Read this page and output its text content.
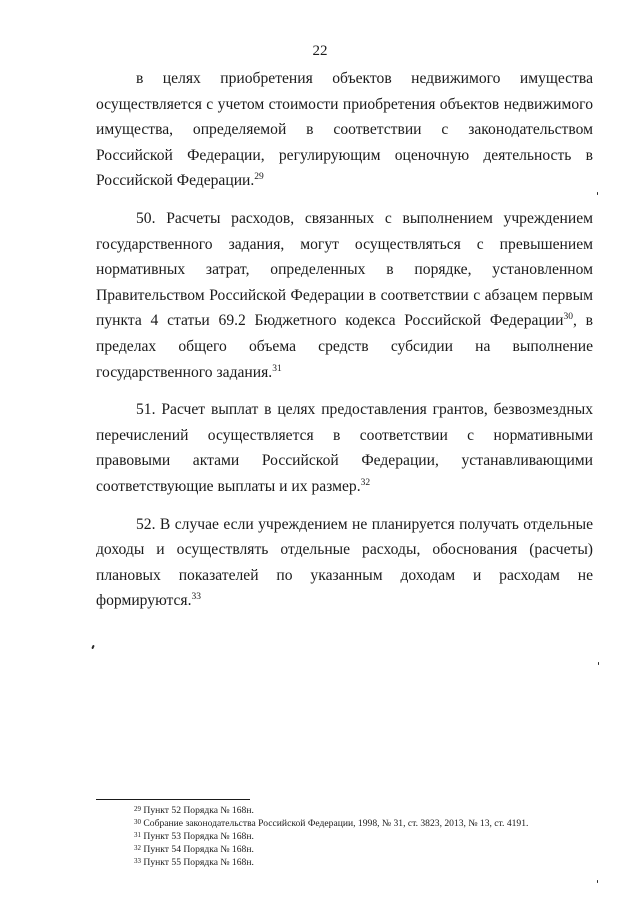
22

в целях приобретения объектов недвижимого имущества осуществляется с учетом стоимости приобретения объектов недвижимого имущества, определяемой в соответствии с законодательством Российской Федерации, регулирующим оценочную деятельность в Российской Федерации.$^{29}$

50. Расчеты расходов, связанных с выполнением учреждением государственного задания, могут осуществляться с превышением нормативных затрат, определенных в порядке, установленном Правительством Российской Федерации в соответствии с абзацем первым пункта 4 статьи 69.2 Бюджетного кодекса Российской Федерации$^{30}$, в пределах общего объема средств субсидии на выполнение государственного задания.$^{31}$

51. Расчет выплат в целях предоставления грантов, безвозмездных перечислений осуществляется в соответствии с нормативными правовыми актами Российской Федерации, устанавливающими соответствующие выплаты и их размер.$^{32}$

52. В случае если учреждением не планируется получать отдельные доходы и осуществлять отдельные расходы, обоснования (расчеты) плановых показателей по указанным доходам и расходам не формируются.$^{33}$

$^{29}$ Пункт 52 Порядка № 168н.

$^{30}$ Собрание законодательства Российской Федерации, 1998, № 31, ст. 3823, 2013, № 13, ст. 4191.

$^{31}$ Пункт 53 Порядка № 168н.

$^{32}$ Пункт 54 Порядка № 168н.

$^{33}$ Пункт 55 Порядка № 168н.
